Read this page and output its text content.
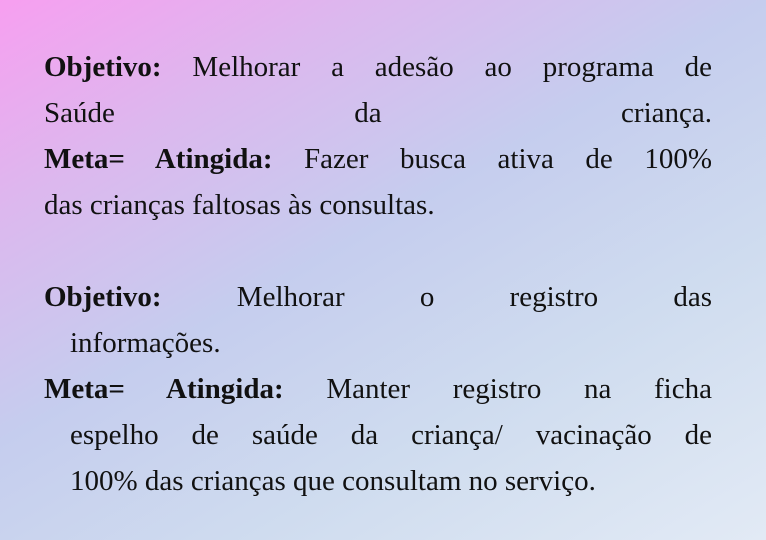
Objetivo: Melhorar a adesão ao programa de
Saúde da criança.
Meta= Atingida: Fazer busca ativa de 100%
das crianças faltosas às consultas.
Objetivo: Melhorar o registro das
informações.
Meta= Atingida: Manter registro na ficha
espelho de saúde da criança/ vacinação de
100% das crianças que consultam no serviço.
